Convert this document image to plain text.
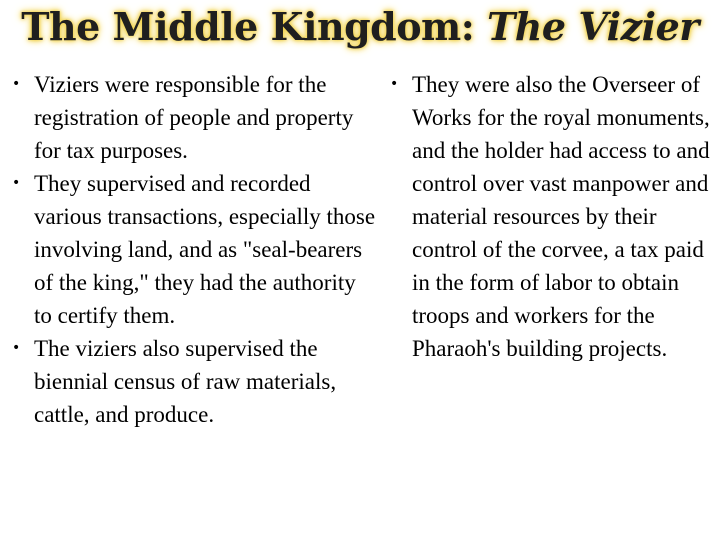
The Middle Kingdom: The Vizier
• Viziers were responsible for the registration of people and property for tax purposes.
• They supervised and recorded various transactions, especially those involving land, and as "seal-bearers of the king," they had the authority to certify them.
• The viziers also supervised the biennial census of raw materials, cattle, and produce.
• They were also the Overseer of Works for the royal monuments, and the holder had access to and control over vast manpower and material resources by their control of the corvee, a tax paid in the form of labor to obtain troops and workers for the Pharaoh's building projects.
